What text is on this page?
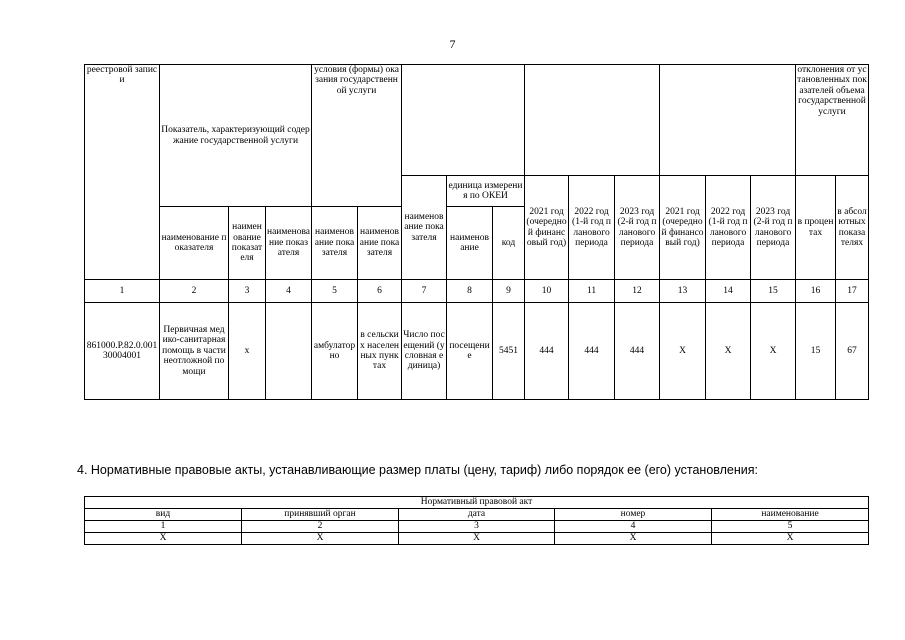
7
реестровой записи	Показатель, характеризующий содержание государственной услуги			условия (формы) оказания государственной услуги											отклонения от установленных показателей объема государственной услуги	
						наименование показателя	единица измерения по ОКЕИ		2021 год (очередной финансовый год)	2022 год (1-й год планового периода	2023 год (2-й год планового периода	2021 год (очередной финансовый год)	2022 год (1-й год планового периода	2023 год (2-й год планового периода	в процентах	в абсолютных показателях
	наименование показателя	наименование показателя	наименование показателя	наименование показателя	наименование показателя		наименование	код								
1	2	3	4	5	6	7	8	9	10	11	12	13	14	15	16	17
861000.Р.82.0.00130004001	Первичная медико-санитарная помощь в части неотложной помощи	х		амбулаторно	в сельских населенных пунктах	Число посещений (условная единица)	посещение	5451	444	444	444	Х	Х	Х	15	67
4. Нормативные правовые акты, устанавливающие размер платы (цену, тариф) либо порядок ее (его) установления:
Нормативный правовой акт				
вид	принявший орган	дата	номер	наименование
1	2	3	4	5
Х	Х	Х	Х	Х
